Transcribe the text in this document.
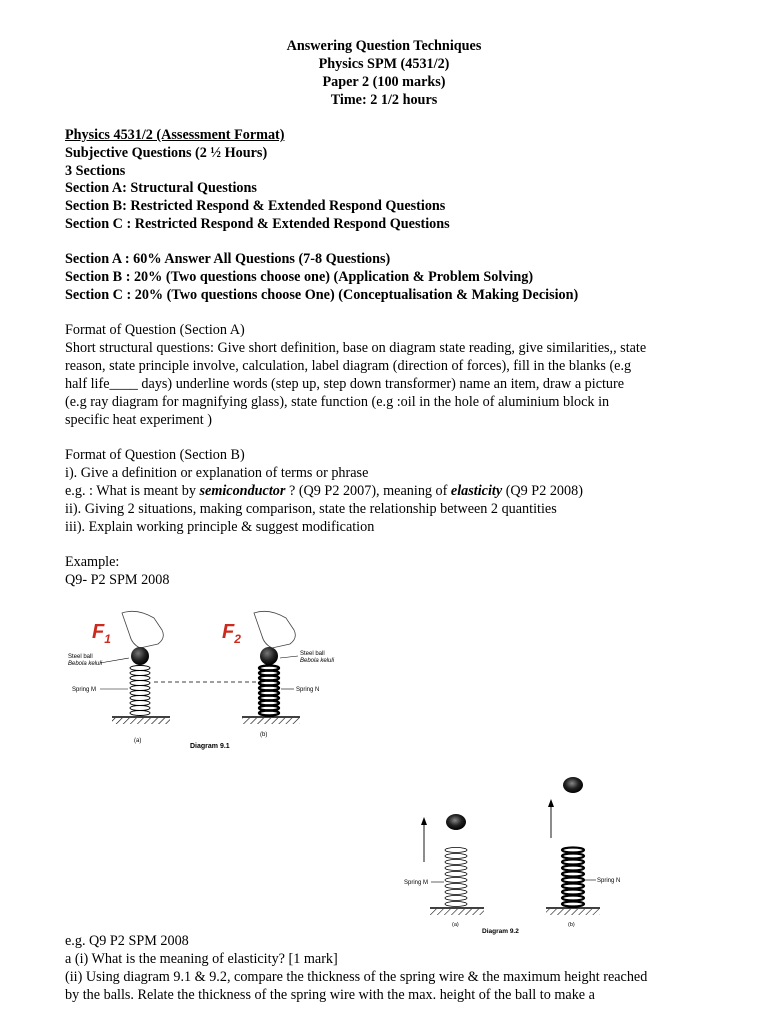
Answering Question Techniques
Physics SPM (4531/2)
Paper 2 (100 marks)
Time: 2 1/2 hours
Physics 4531/2 (Assessment Format)
Subjective Questions (2 ½ Hours)
3 Sections
Section A: Structural Questions
Section B: Restricted Respond & Extended Respond Questions
Section C : Restricted Respond & Extended Respond Questions
Section A : 60% Answer All Questions (7-8 Questions)
Section B : 20% (Two questions choose one) (Application & Problem Solving)
Section C : 20% (Two questions choose One) (Conceptualisation & Making Decision)
Format of Question (Section A)
Short structural questions: Give short definition, base on diagram state reading, give similarities,, state
reason, state principle involve, calculation, label diagram (direction of forces), fill in the blanks (e.g
half life____ days) underline words (step up, step down transformer) name an item, draw a picture
(e.g ray diagram for magnifying glass), state function (e.g :oil in the hole of aluminium block in
specific heat experiment )
Format of Question (Section B)
i). Give a definition or explanation of terms or phrase
e.g. : What is meant by semiconductor ? (Q9 P2 2007), meaning of elasticity (Q9 P2 2008)
ii). Giving 2 situations, making comparison, state the relationship between 2 quantities
iii). Explain working principle & suggest modification
Example:
Q9- P2 SPM 2008
$F_1$	$F_2$
Steel ball
Bebola keluli
Spring M
Steel ball
Bebola keluli
Spring N
(a)
(b)
Diagram 9.1
Spring M	Spring N
(a)	(b)
Diagram 9.2
e.g. Q9 P2 SPM 2008
a (i) What is the meaning of elasticity? [1 mark]
(ii) Using diagram 9.1 & 9.2, compare the thickness of the spring wire & the maximum height reached
by the balls. Relate the thickness of the spring wire with the max. height of the ball to make a
